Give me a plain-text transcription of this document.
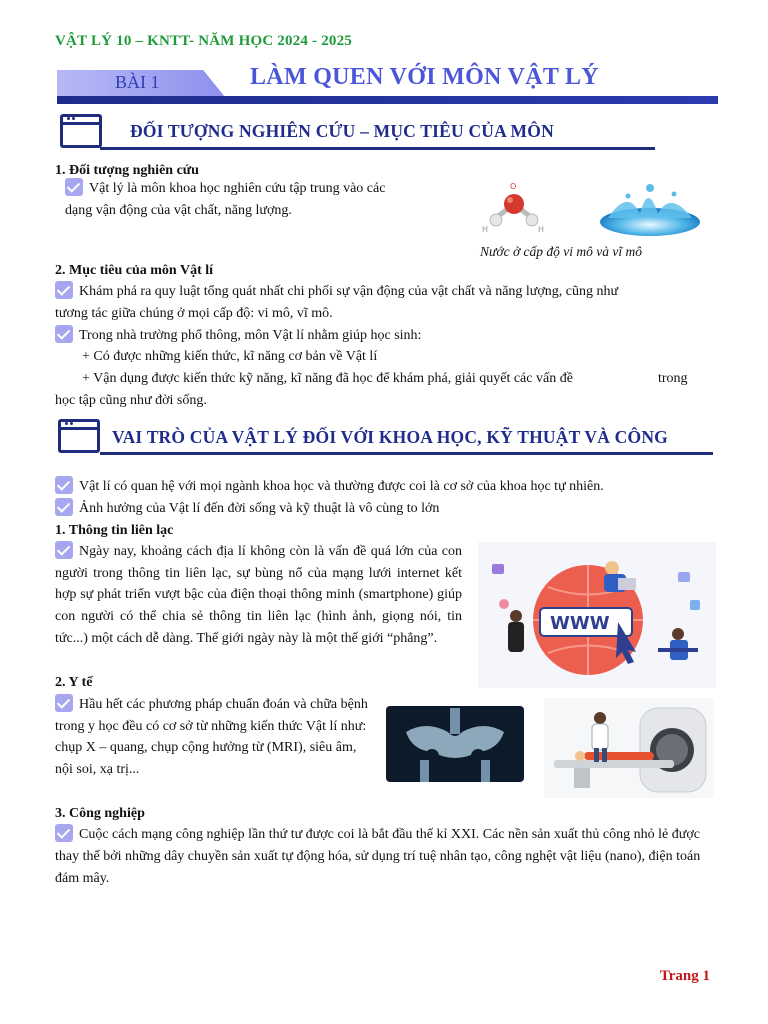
VẬT LÝ 10 – KNTT- NĂM HỌC 2024 - 2025
BÀI 1	LÀM QUEN VỚI MÔN VẬT LÝ
ĐỐI TƯỢNG NGHIÊN CỨU – MỤC TIÊU CỦA MÔN
1. Đối tượng nghiên cứu
Vật lý là môn khoa học nghiên cứu tập trung vào các
dạng vận động của vật chất, năng lượng.
O
H	H
Nước ở cấp độ vi mô và vĩ mô
2. Mục tiêu của môn Vật lí
Khám phá ra quy luật tổng quát nhất chi phối sự vận động của vật chất và năng lượng, cũng như
tương tác giữa chúng ở mọi cấp độ: vi mô, vĩ mô.
Trong nhà trường phổ thông, môn Vật lí nhằm giúp học sinh:
+ Có được những kiến thức, kĩ năng cơ bản về Vật lí
+ Vận dụng được kiến thức kỹ năng, kĩ năng đã học để khám phá, giải quyết các vấn đề	trong
học tập cũng như đời sống.
VAI TRÒ CỦA VẬT LÝ ĐỐI VỚI KHOA HỌC, KỸ THUẬT VÀ CÔNG
Vật lí có quan hệ với mọi ngành khoa học và thường được coi là cơ sở của khoa học tự nhiên.
Ảnh hưởng của Vật lí đến đời sống và kỹ thuật là vô cùng to lớn
1. Thông tin liên lạc
Ngày nay, khoảng cách địa lí không còn là vấn đề quá lớn của con người trong thông tin liên lạc, sự bùng nổ của mạng lưới internet kết hợp sự phát triển vượt bậc của điện thoại thông minh (smartphone) giúp con người có thể chia sẻ thông tin liên lạc (hình ảnh, giọng nói, tin tức...) một cách dễ dàng. Thế giới ngày này là một thế giới “phẳng”.
WWW
2. Y tế
Hầu hết các phương pháp chuẩn đoán và chữa bệnh trong y học đều có cơ sở từ những kiến thức Vật lí như: chụp X – quang, chụp cộng hưởng từ (MRI), siêu âm, nội soi, xạ trị...
3. Công nghiệp
Cuộc cách mạng công nghiệp lần thứ tư được coi là bắt đầu thế kỉ XXI. Các nền sản xuất thủ công nhỏ lẻ được thay thế bởi những dây chuyền sản xuất tự động hóa, sử dụng trí tuệ nhân tạo, công nghệt vật liệu (nano), điện toán đám mây.
Trang 1
